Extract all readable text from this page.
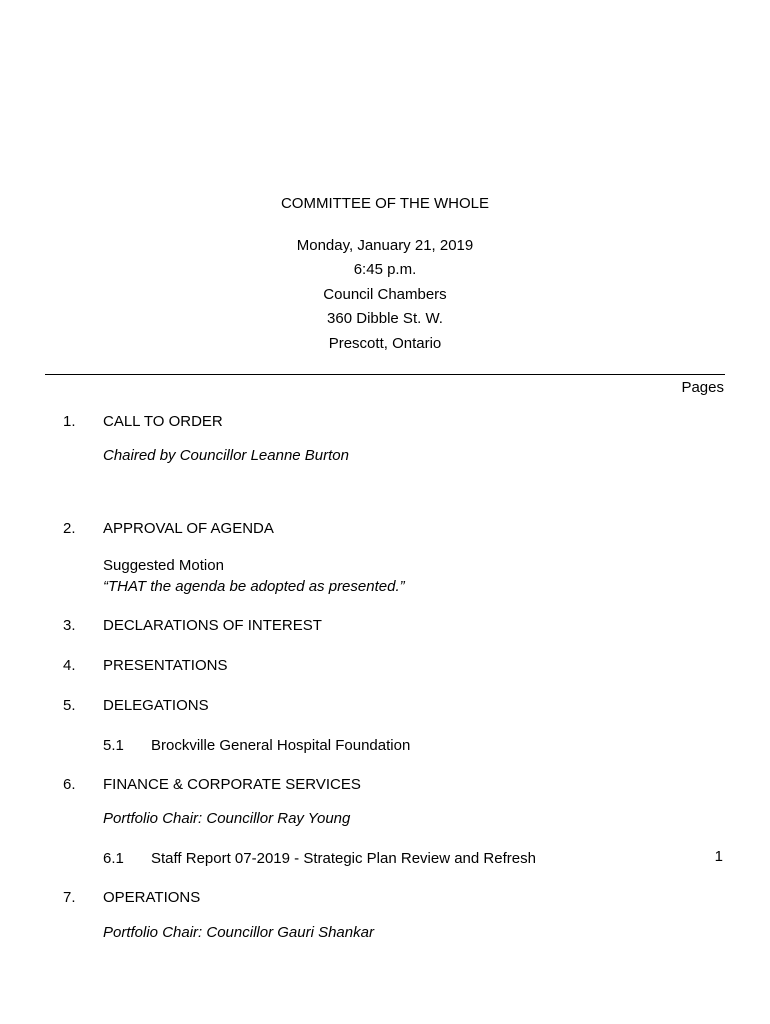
COMMITTEE OF THE WHOLE
Monday, January 21, 2019
6:45 p.m.
Council Chambers
360 Dibble St. W.
Prescott, Ontario
Pages
1. CALL TO ORDER
Chaired by Councillor Leanne Burton
2. APPROVAL OF AGENDA
Suggested Motion
“THAT the agenda be adopted as presented.”
3. DECLARATIONS OF INTEREST
4. PRESENTATIONS
5. DELEGATIONS
5.1 Brockville General Hospital Foundation
6. FINANCE & CORPORATE SERVICES
Portfolio Chair: Councillor Ray Young
6.1 Staff Report 07-2019 - Strategic Plan Review and Refresh	1
7. OPERATIONS
Portfolio Chair: Councillor Gauri Shankar
